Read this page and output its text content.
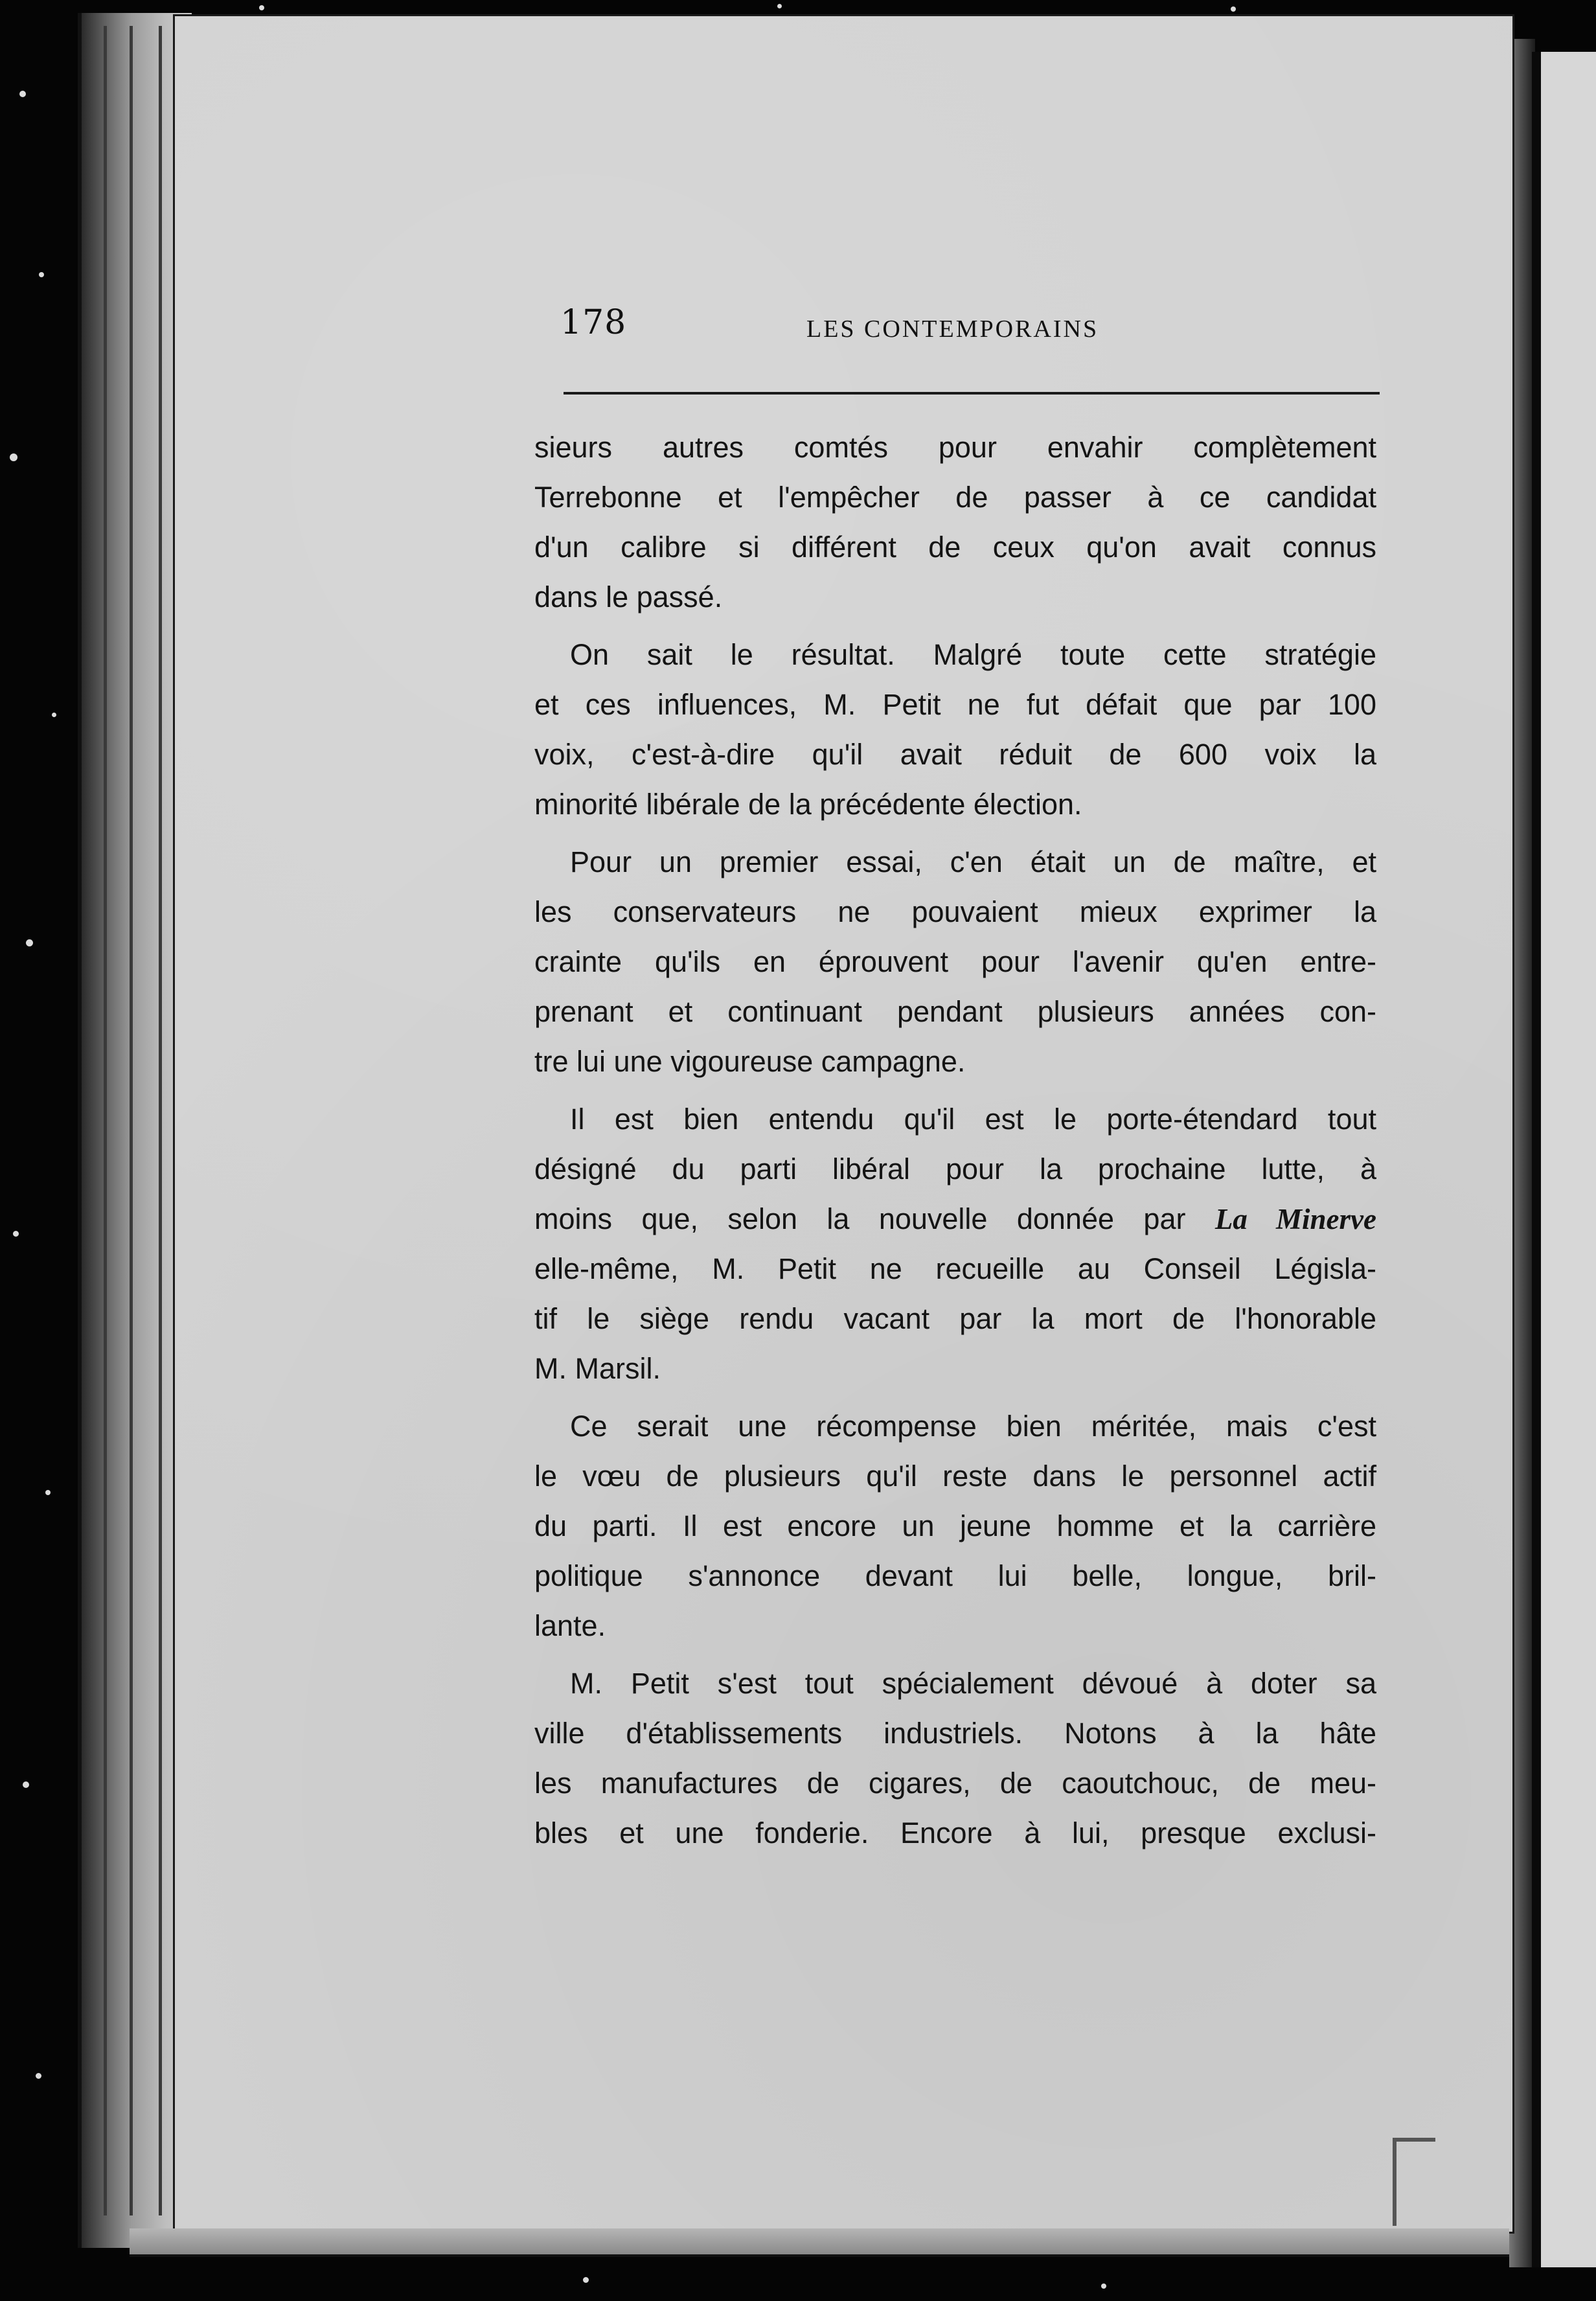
178	LES CONTEMPORAINS
sieurs autres comtés pour envahir complètement
Terrebonne et l'empêcher de passer à ce candidat
d'un calibre si différent de ceux qu'on avait connus
dans le passé.
On sait le résultat. Malgré toute cette stratégie
et ces influences, M. Petit ne fut défait que par 100
voix, c'est-à-dire qu'il avait réduit de 600 voix la
minorité libérale de la précédente élection.
Pour un premier essai, c'en était un de maître, et
les conservateurs ne pouvaient mieux exprimer la
crainte qu'ils en éprouvent pour l'avenir qu'en entre-
prenant et continuant pendant plusieurs années con-
tre lui une vigoureuse campagne.
Il est bien entendu qu'il est le porte-étendard tout
désigné du parti libéral pour la prochaine lutte, à
moins que, selon la nouvelle donnée par La Minerve
elle-même, M. Petit ne recueille au Conseil Législa-
tif le siège rendu vacant par la mort de l'honorable
M. Marsil.
Ce serait une récompense bien méritée, mais c'est
le vœu de plusieurs qu'il reste dans le personnel actif
du parti. Il est encore un jeune homme et la carrière
politique s'annonce devant lui belle, longue, bril-
lante.
M. Petit s'est tout spécialement dévoué à doter sa
ville d'établissements industriels. Notons à la hâte
les manufactures de cigares, de caoutchouc, de meu-
bles et une fonderie. Encore à lui, presque exclusi-
